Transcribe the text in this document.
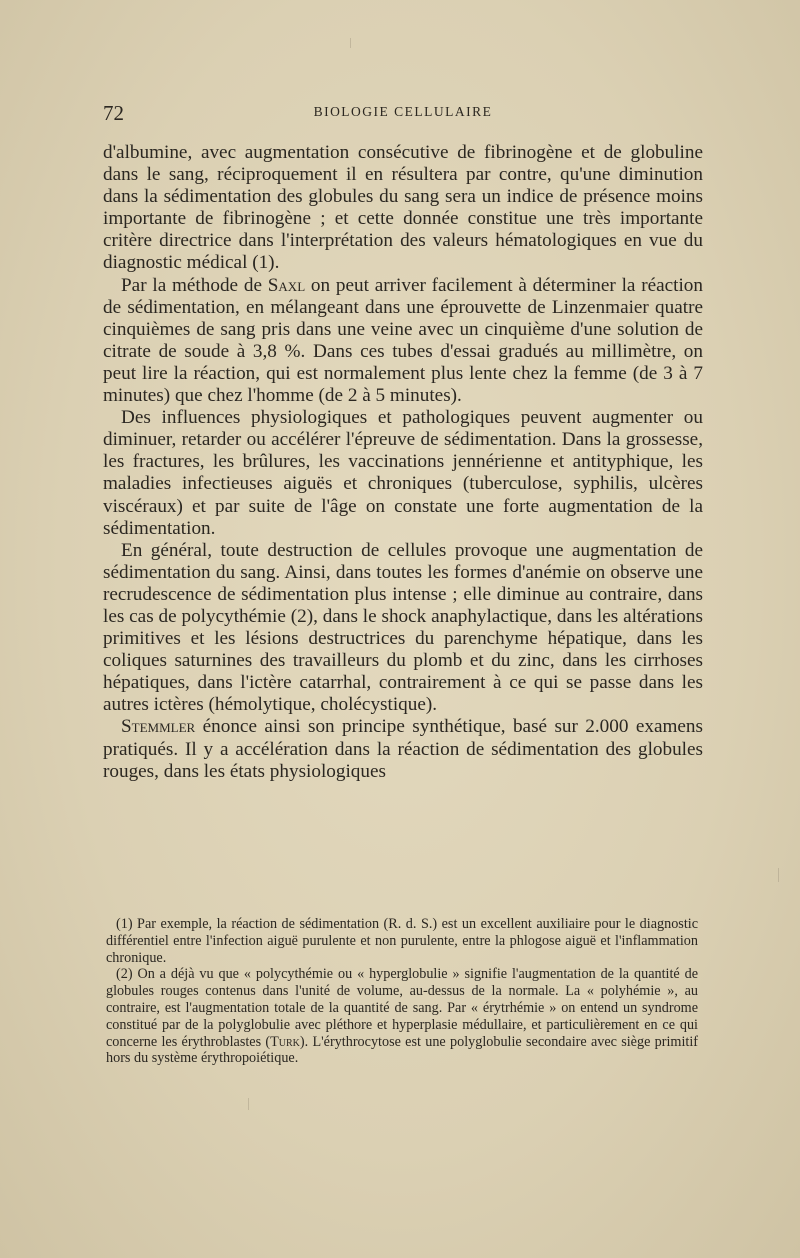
72	BIOLOGIE CELLULAIRE

d'albumine, avec augmentation consécutive de fibrinogène et de globuline dans le sang, réciproquement il en résultera par contre, qu'une diminution dans la sédimentation des globules du sang sera un indice de présence moins importante de fibrinogène ; et cette donnée constitue une très importante critère directrice dans l'interprétation des valeurs hématologiques en vue du diagnostic médical (1).

Par la méthode de Saxl on peut arriver facilement à déterminer la réaction de sédimentation, en mélangeant dans une éprouvette de Linzenmaier quatre cinquièmes de sang pris dans une veine avec un cinquième d'une solution de citrate de soude à 3,8 %. Dans ces tubes d'essai gradués au millimètre, on peut lire la réaction, qui est normalement plus lente chez la femme (de 3 à 7 minutes) que chez l'homme (de 2 à 5 minutes).

Des influences physiologiques et pathologiques peuvent augmenter ou diminuer, retarder ou accélérer l'épreuve de sédimentation. Dans la grossesse, les fractures, les brûlures, les vaccinations jennérienne et antityphique, les maladies infectieuses aiguës et chroniques (tuberculose, syphilis, ulcères viscéraux) et par suite de l'âge on constate une forte augmentation de la sédimentation.

En général, toute destruction de cellules provoque une augmentation de sédimentation du sang. Ainsi, dans toutes les formes d'anémie on observe une recrudescence de sédimentation plus intense ; elle diminue au contraire, dans les cas de polycythémie (2), dans le shock anaphylactique, dans les altérations primitives et les lésions destructrices du parenchyme hépatique, dans les coliques saturnines des travailleurs du plomb et du zinc, dans les cirrhoses hépatiques, dans l'ictère catarrhal, contrairement à ce qui se passe dans les autres ictères (hémolytique, cholécystique).

Stemmler énonce ainsi son principe synthétique, basé sur 2.000 examens pratiqués. Il y a accélération dans la réaction de sédimentation des globules rouges, dans les états physiologiques

(1) Par exemple, la réaction de sédimentation (R. d. S.) est un excellent auxiliaire pour le diagnostic différentiel entre l'infection aiguë purulente et non purulente, entre la phlogose aiguë et l'inflammation chronique.

(2) On a déjà vu que « polycythémie ou « hyperglobulie » signifie l'augmentation de la quantité de globules rouges contenus dans l'unité de volume, au-dessus de la normale. La « polyhémie », au contraire, est l'augmentation totale de la quantité de sang. Par « érytrhémie » on entend un syndrome constitué par de la polyglobulie avec pléthore et hyperplasie médullaire, et particulièrement en ce qui concerne les érythroblastes (Turk). L'érythrocytose est une polyglobulie secondaire avec siège primitif hors du système érythropoiétique.
